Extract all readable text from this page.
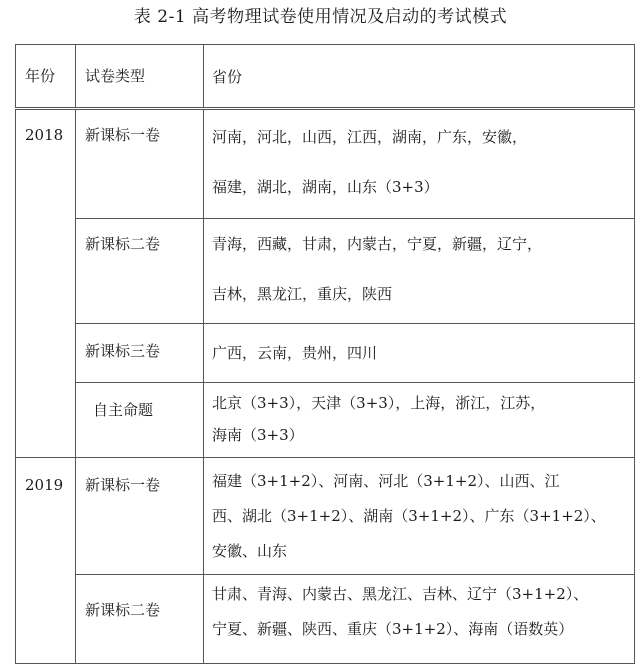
表 2-1 高考物理试卷使用情况及启动的考试模式
年份	试卷类型	省份

2018	新课标一卷	河南，河北，山西，江西，湖南，广东，安徽，
福建，湖北，湖南，山东（3+3）

	新课标二卷	青海，西藏，甘肃，内蒙古，宁夏，新疆，辽宁，
吉林，黑龙江，重庆，陕西

	新课标三卷	广西，云南，贵州，四川

	自主命题	北京（3+3），天津（3+3），上海，浙江，江苏，
海南（3+3）

2019	新课标一卷	福建（3+1+2）、河南、河北（3+1+2）、山西、江
西、湖北（3+1+2）、湖南（3+1+2）、广东（3+1+2）、
安徽、山东

	新课标二卷	甘肃、青海、内蒙古、黑龙江、吉林、辽宁（3+1+2）、
宁夏、新疆、陕西、重庆（3+1+2）、海南（语数英）
